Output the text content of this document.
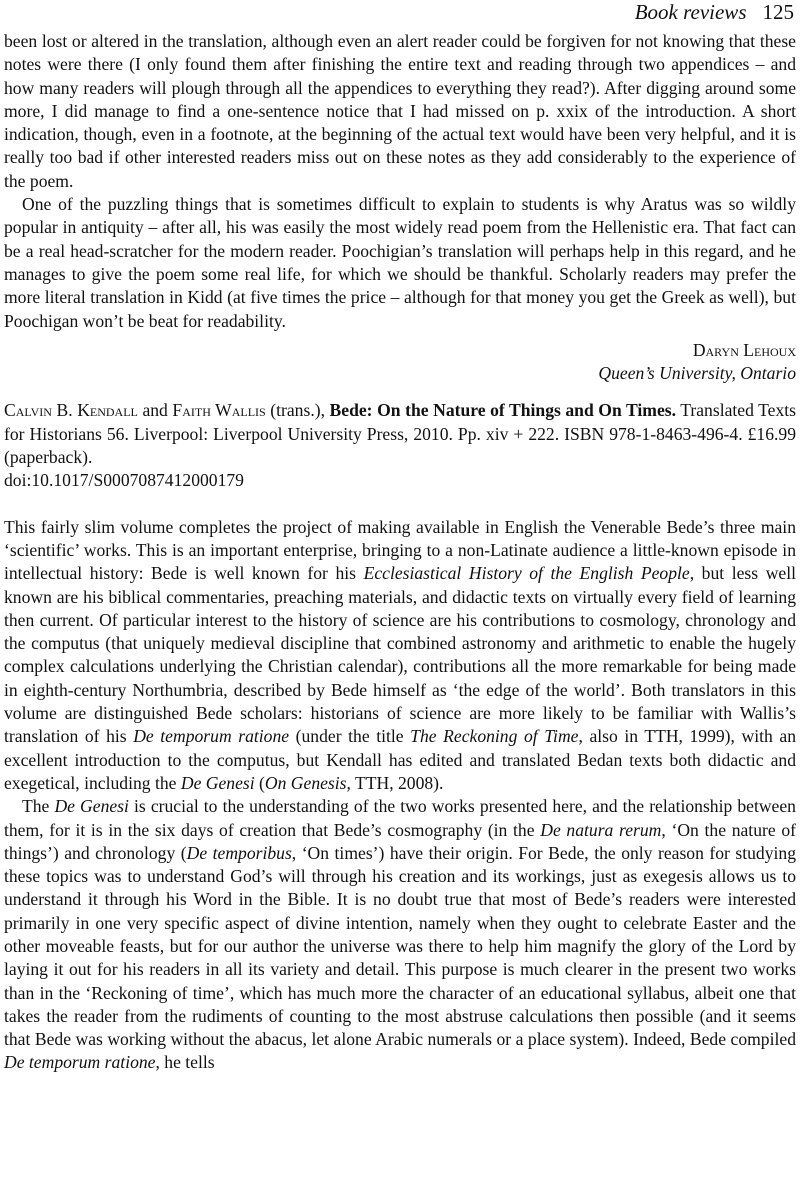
Book reviews 125

been lost or altered in the translation, although even an alert reader could be forgiven for not knowing that these notes were there (I only found them after finishing the entire text and reading through two appendices – and how many readers will plough through all the appendices to everything they read?). After digging around some more, I did manage to find a one-sentence notice that I had missed on p. xxix of the introduction. A short indication, though, even in a footnote, at the beginning of the actual text would have been very helpful, and it is really too bad if other interested readers miss out on these notes as they add considerably to the experience of the poem.

One of the puzzling things that is sometimes difficult to explain to students is why Aratus was so wildly popular in antiquity – after all, his was easily the most widely read poem from the Hellenistic era. That fact can be a real head-scratcher for the modern reader. Poochigian’s translation will perhaps help in this regard, and he manages to give the poem some real life, for which we should be thankful. Scholarly readers may prefer the more literal translation in Kidd (at five times the price – although for that money you get the Greek as well), but Poochigan won’t be beat for readability.

Daryn Lehoux

Queen’s University, Ontario

Calvin B. Kendall and Faith Wallis (trans.), Bede: On the Nature of Things and On Times. Translated Texts for Historians 56. Liverpool: Liverpool University Press, 2010. Pp. xiv + 222. ISBN 978-1-8463-496-4. £16.99 (paperback).

doi:10.1017/S0007087412000179

This fairly slim volume completes the project of making available in English the Venerable Bede’s three main ‘scientific’ works. This is an important enterprise, bringing to a non-Latinate audience a little-known episode in intellectual history: Bede is well known for his Ecclesiastical History of the English People, but less well known are his biblical commentaries, preaching materials, and didactic texts on virtually every field of learning then current. Of particular interest to the history of science are his contributions to cosmology, chronology and the computus (that uniquely medieval discipline that combined astronomy and arithmetic to enable the hugely complex calculations underlying the Christian calendar), contributions all the more remarkable for being made in eighth-century Northumbria, described by Bede himself as ‘the edge of the world’. Both translators in this volume are distinguished Bede scholars: historians of science are more likely to be familiar with Wallis’s translation of his De temporum ratione (under the title The Reckoning of Time, also in TTH, 1999), with an excellent introduction to the computus, but Kendall has edited and translated Bedan texts both didactic and exegetical, including the De Genesi (On Genesis, TTH, 2008).

The De Genesi is crucial to the understanding of the two works presented here, and the relationship between them, for it is in the six days of creation that Bede’s cosmography (in the De natura rerum, ‘On the nature of things’) and chronology (De temporibus, ‘On times’) have their origin. For Bede, the only reason for studying these topics was to understand God’s will through his creation and its workings, just as exegesis allows us to understand it through his Word in the Bible. It is no doubt true that most of Bede’s readers were interested primarily in one very specific aspect of divine intention, namely when they ought to celebrate Easter and the other moveable feasts, but for our author the universe was there to help him magnify the glory of the Lord by laying it out for his readers in all its variety and detail. This purpose is much clearer in the present two works than in the ‘Reckoning of time’, which has much more the character of an educational syllabus, albeit one that takes the reader from the rudiments of counting to the most abstruse calculations then possible (and it seems that Bede was working without the abacus, let alone Arabic numerals or a place system). Indeed, Bede compiled De temporum ratione, he tells
